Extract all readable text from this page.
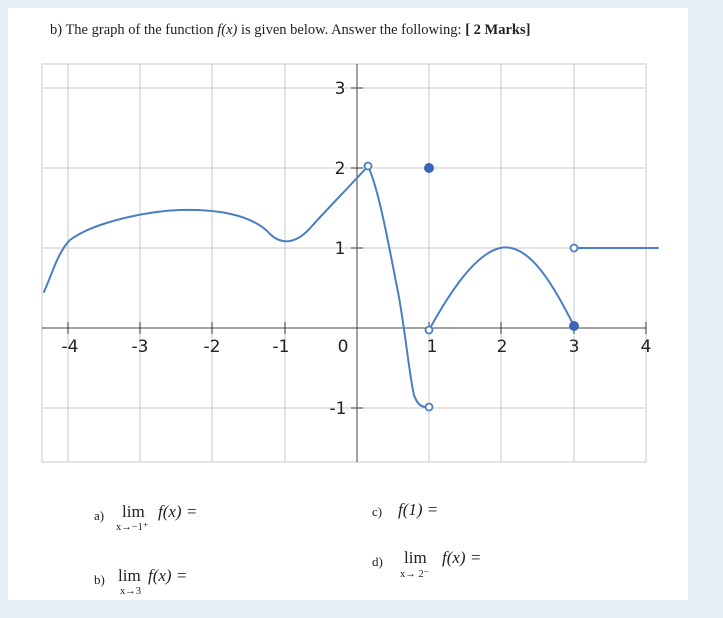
b) The graph of the function f(x) is given below. Answer the following: [ 2 Marks]
-4	-3	-2	-1	0	1	2	3	4
3
2
1
-1
a) lim
x→−1⁺
f(x) =
b) lim
x→3
f(x) =
c) f(1) =
d) lim
x→ 2⁻
f(x) =
